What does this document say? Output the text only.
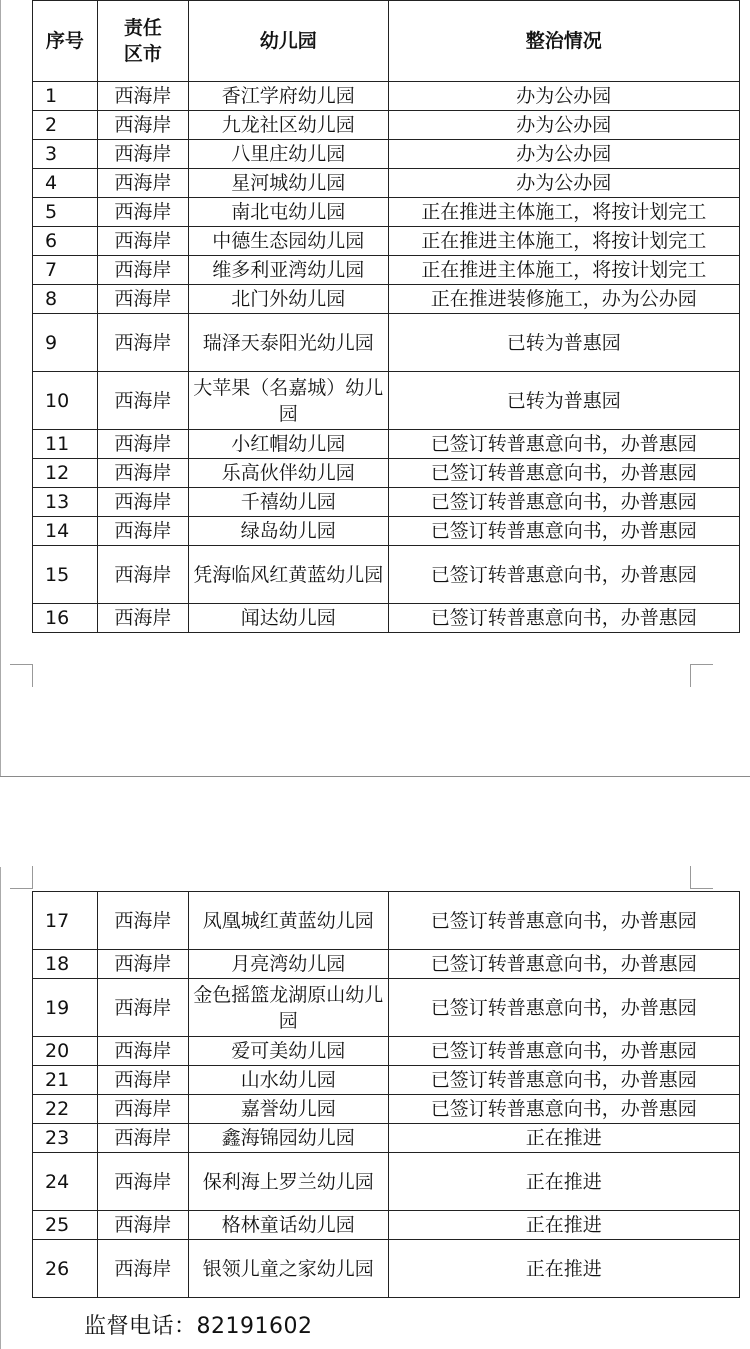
序号	责任区市	幼儿园	整治情况
1	西海岸	香江学府幼儿园	办为公办园
2	西海岸	九龙社区幼儿园	办为公办园
3	西海岸	八里庄幼儿园	办为公办园
4	西海岸	星河城幼儿园	办为公办园
5	西海岸	南北屯幼儿园	正在推进主体施工，将按计划完工
6	西海岸	中德生态园幼儿园	正在推进主体施工，将按计划完工
7	西海岸	维多利亚湾幼儿园	正在推进主体施工，将按计划完工
8	西海岸	北门外幼儿园	正在推进装修施工，办为公办园
9	西海岸	瑞泽天泰阳光幼儿园	已转为普惠园
10	西海岸	大苹果（名嘉城）幼儿园	已转为普惠园
11	西海岸	小红帽幼儿园	已签订转普惠意向书，办普惠园
12	西海岸	乐高伙伴幼儿园	已签订转普惠意向书，办普惠园
13	西海岸	千禧幼儿园	已签订转普惠意向书，办普惠园
14	西海岸	绿岛幼儿园	已签订转普惠意向书，办普惠园
15	西海岸	凭海临风红黄蓝幼儿园	已签订转普惠意向书，办普惠园
16	西海岸	闻达幼儿园	已签订转普惠意向书，办普惠园
17	西海岸	凤凰城红黄蓝幼儿园	已签订转普惠意向书，办普惠园
18	西海岸	月亮湾幼儿园	已签订转普惠意向书，办普惠园
19	西海岸	金色摇篮龙湖原山幼儿园	已签订转普惠意向书，办普惠园
20	西海岸	爱可美幼儿园	已签订转普惠意向书，办普惠园
21	西海岸	山水幼儿园	已签订转普惠意向书，办普惠园
22	西海岸	嘉誉幼儿园	已签订转普惠意向书，办普惠园
23	西海岸	鑫海锦园幼儿园	正在推进
24	西海岸	保利海上罗兰幼儿园	正在推进
25	西海岸	格林童话幼儿园	正在推进
26	西海岸	银领儿童之家幼儿园	正在推进
监督电话：82191602
